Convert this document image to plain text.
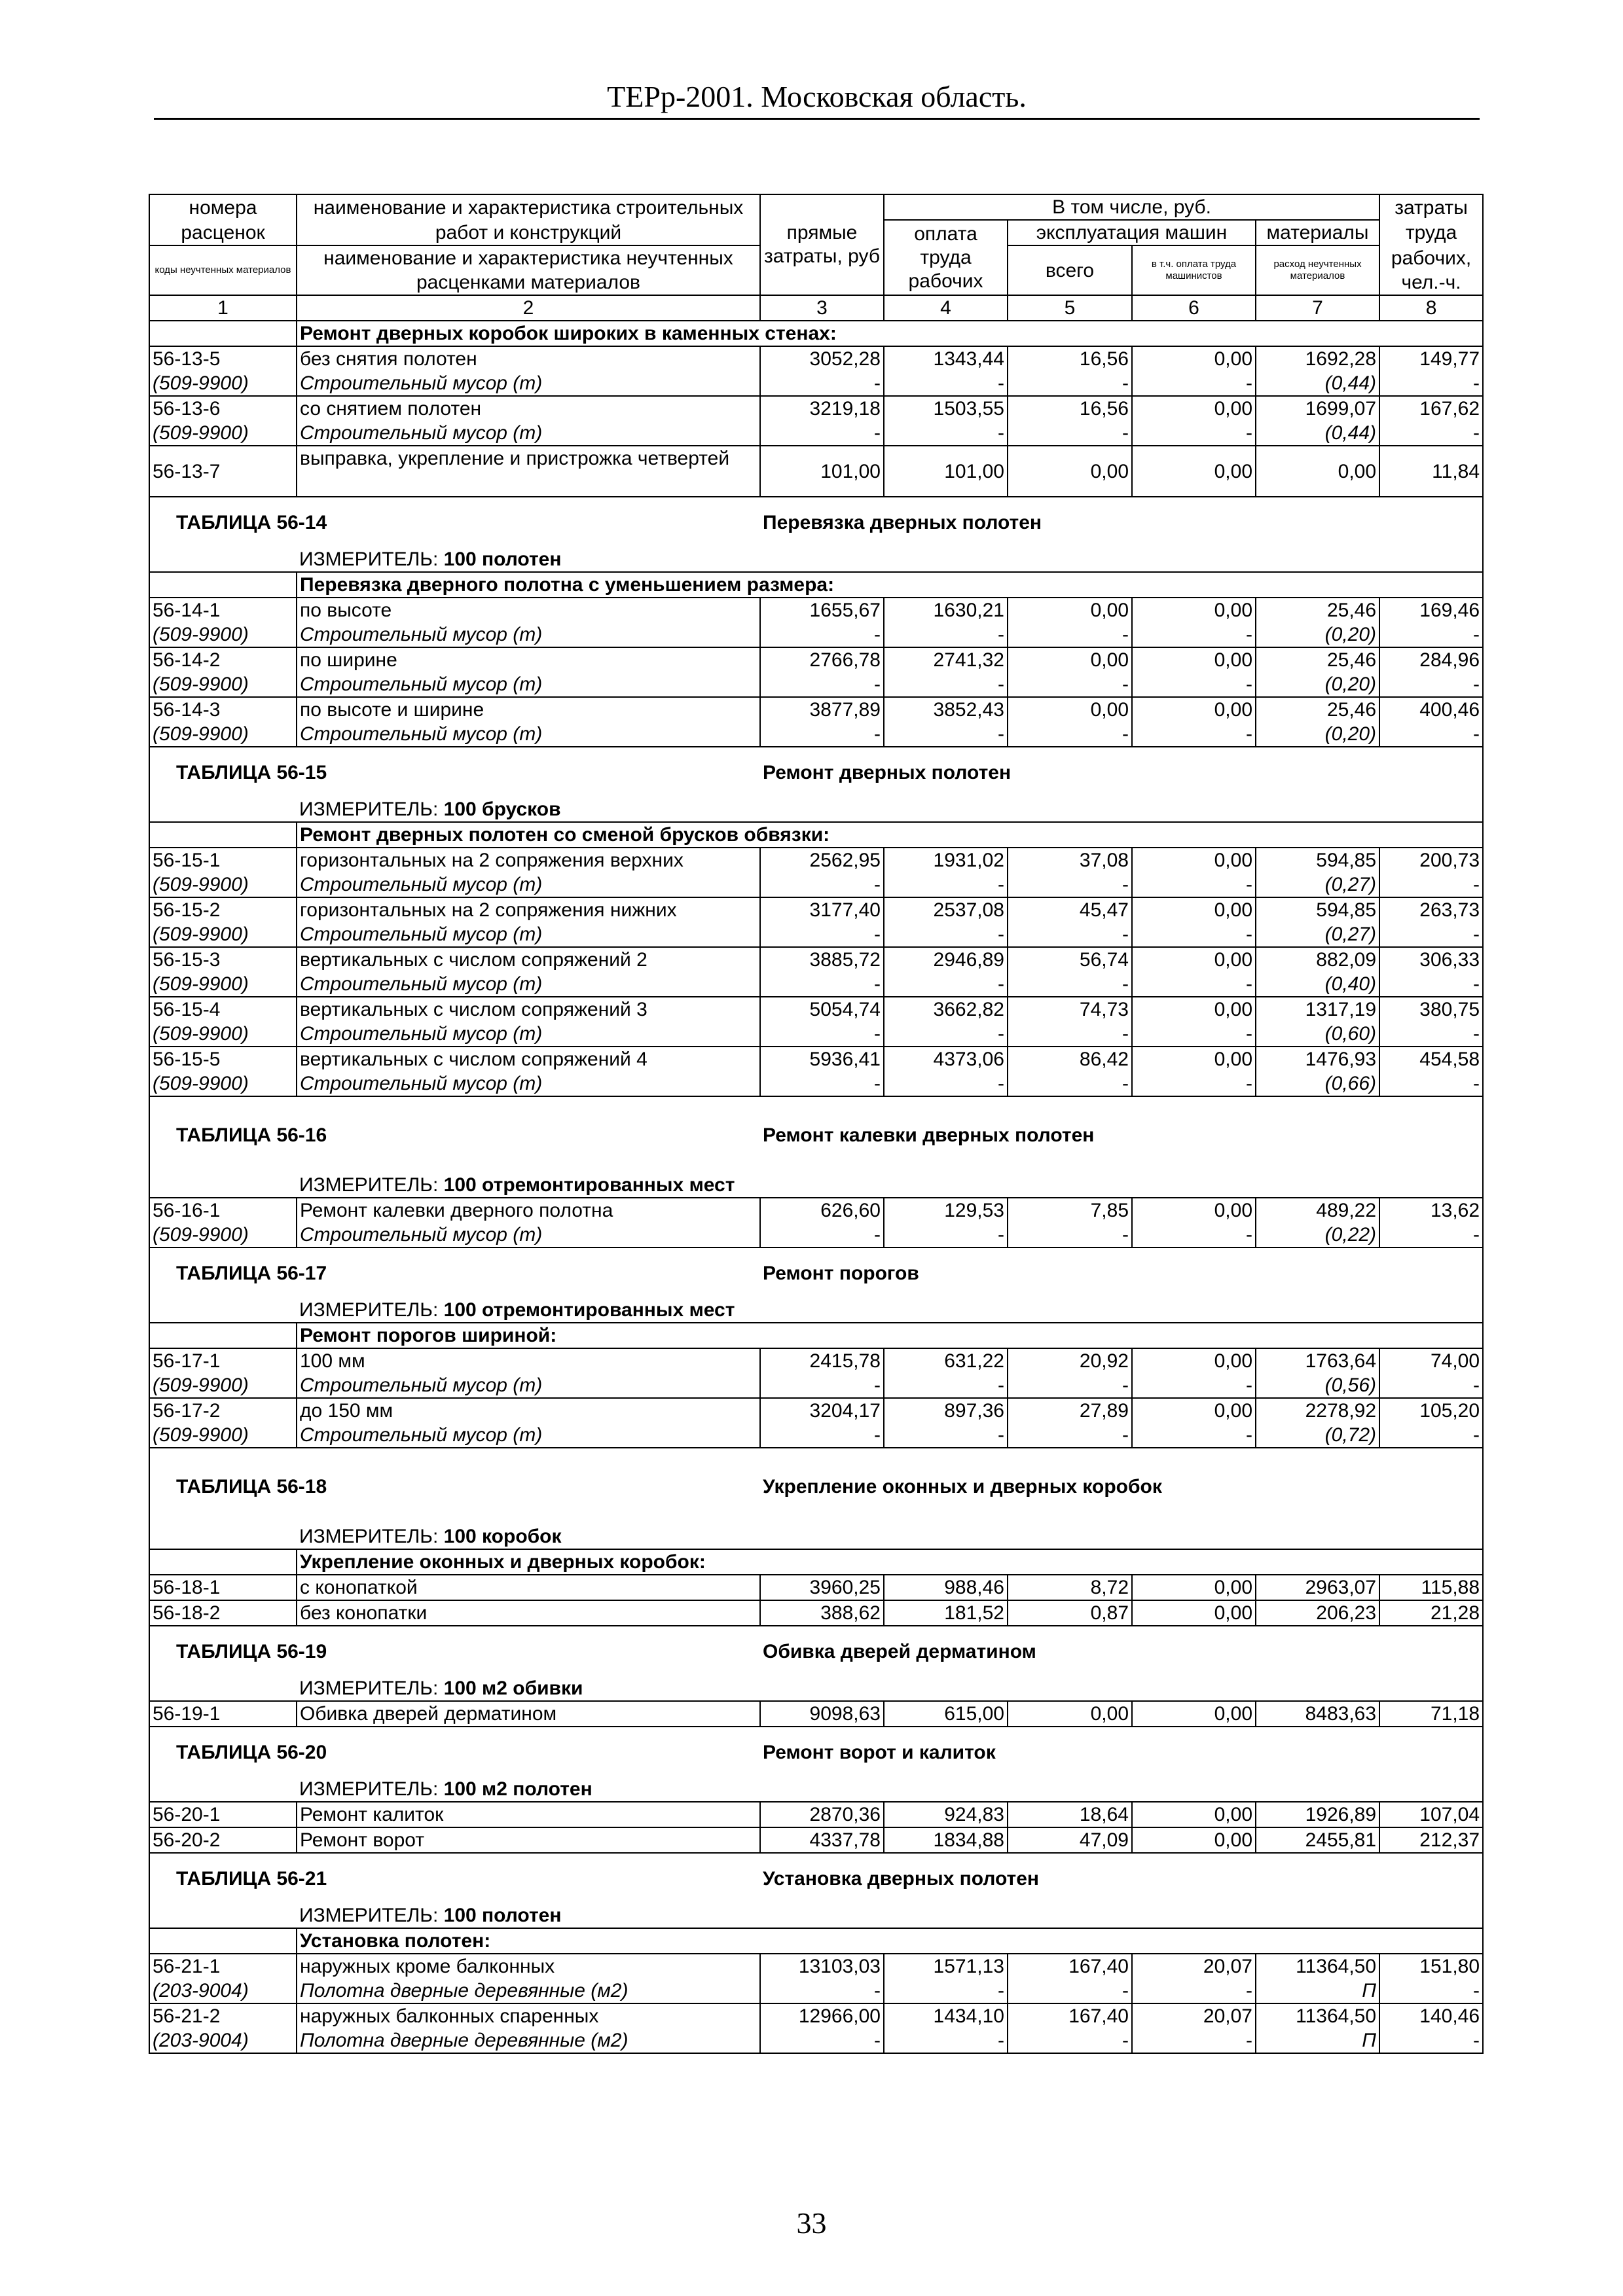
ТЕРр-2001. Московская область.
номера	наименование и характеристика строительных	прямые затраты, руб	В том числе, руб.				затраты
расценок	работ и конструкций		оплата труда рабочих	эксплуатация машин		материалы	труда
коды неучтенных материалов	наименование и характеристика неучтенных			всего	в т.ч. оплата труда машинистов	расход неучтенных материалов	рабочих,
	расценками материалов						чел.-ч.
1	2	3	4	5	6	7	8
	Ремонт дверных коробок широких в каменных стенах:						
56-13-5	без снятия полотен	3052,28	1343,44	16,56	0,00	1692,28	149,77
(509-9900)	Строительный мусор (т)	-	-	-	-	(0,44)	-
56-13-6	со снятием полотен	3219,18	1503,55	16,56	0,00	1699,07	167,62
(509-9900)	Строительный мусор (т)	-	-	-	-	(0,44)	-
56-13-7	выправка, укрепление и пристрожка четвертей	101,00	101,00	0,00	0,00	0,00	11,84
ТАБЛИЦА 56-14		Перевязка дверных полотен					
	ИЗМЕРИТЕЛЬ: 100 полотен						
	Перевязка дверного полотна с уменьшением размера:						
56-14-1	по высоте	1655,67	1630,21	0,00	0,00	25,46	169,46
(509-9900)	Строительный мусор (т)	-	-	-	-	(0,20)	-
56-14-2	по ширине	2766,78	2741,32	0,00	0,00	25,46	284,96
(509-9900)	Строительный мусор (т)	-	-	-	-	(0,20)	-
56-14-3	по высоте и ширине	3877,89	3852,43	0,00	0,00	25,46	400,46
(509-9900)	Строительный мусор (т)	-	-	-	-	(0,20)	-
ТАБЛИЦА 56-15		Ремонт дверных полотен					
	ИЗМЕРИТЕЛЬ: 100 брусков						
	Ремонт дверных полотен со сменой брусков обвязки:						
56-15-1	горизонтальных на 2 сопряжения верхних	2562,95	1931,02	37,08	0,00	594,85	200,73
(509-9900)	Строительный мусор (т)	-	-	-	-	(0,27)	-
56-15-2	горизонтальных на 2 сопряжения нижних	3177,40	2537,08	45,47	0,00	594,85	263,73
(509-9900)	Строительный мусор (т)	-	-	-	-	(0,27)	-
56-15-3	вертикальных с числом сопряжений 2	3885,72	2946,89	56,74	0,00	882,09	306,33
(509-9900)	Строительный мусор (т)	-	-	-	-	(0,40)	-
56-15-4	вертикальных с числом сопряжений 3	5054,74	3662,82	74,73	0,00	1317,19	380,75
(509-9900)	Строительный мусор (т)	-	-	-	-	(0,60)	-
56-15-5	вертикальных с числом сопряжений 4	5936,41	4373,06	86,42	0,00	1476,93	454,58
(509-9900)	Строительный мусор (т)	-	-	-	-	(0,66)	-
ТАБЛИЦА 56-16		Ремонт калевки дверных полотен					
	ИЗМЕРИТЕЛЬ: 100 отремонтированных мест						
56-16-1	Ремонт калевки дверного полотна	626,60	129,53	7,85	0,00	489,22	13,62
(509-9900)	Строительный мусор (т)	-	-	-	-	(0,22)	-
ТАБЛИЦА 56-17		Ремонт порогов					
	ИЗМЕРИТЕЛЬ: 100 отремонтированных мест						
	Ремонт порогов шириной:						
56-17-1	100 мм	2415,78	631,22	20,92	0,00	1763,64	74,00
(509-9900)	Строительный мусор (т)	-	-	-	-	(0,56)	-
56-17-2	до 150 мм	3204,17	897,36	27,89	0,00	2278,92	105,20
(509-9900)	Строительный мусор (т)	-	-	-	-	(0,72)	-
ТАБЛИЦА 56-18		Укрепление оконных и дверных коробок					
	ИЗМЕРИТЕЛЬ: 100 коробок						
	Укрепление оконных и дверных коробок:						
56-18-1	с конопаткой	3960,25	988,46	8,72	0,00	2963,07	115,88
56-18-2	без конопатки	388,62	181,52	0,87	0,00	206,23	21,28
ТАБЛИЦА 56-19		Обивка дверей дерматином					
	ИЗМЕРИТЕЛЬ: 100 м2 обивки						
56-19-1	Обивка дверей дерматином	9098,63	615,00	0,00	0,00	8483,63	71,18
ТАБЛИЦА 56-20		Ремонт ворот и калиток					
	ИЗМЕРИТЕЛЬ: 100 м2 полотен						
56-20-1	Ремонт калиток	2870,36	924,83	18,64	0,00	1926,89	107,04
56-20-2	Ремонт ворот	4337,78	1834,88	47,09	0,00	2455,81	212,37
ТАБЛИЦА 56-21		Установка дверных полотен					
	ИЗМЕРИТЕЛЬ: 100 полотен						
	Установка полотен:						
56-21-1	наружных кроме балконных	13103,03	1571,13	167,40	20,07	11364,50	151,80
(203-9004)	Полотна дверные деревянные (м2)	-	-	-	-	П	-
56-21-2	наружных балконных спаренных	12966,00	1434,10	167,40	20,07	11364,50	140,46
(203-9004)	Полотна дверные деревянные (м2)	-	-	-	-	П	-
33
